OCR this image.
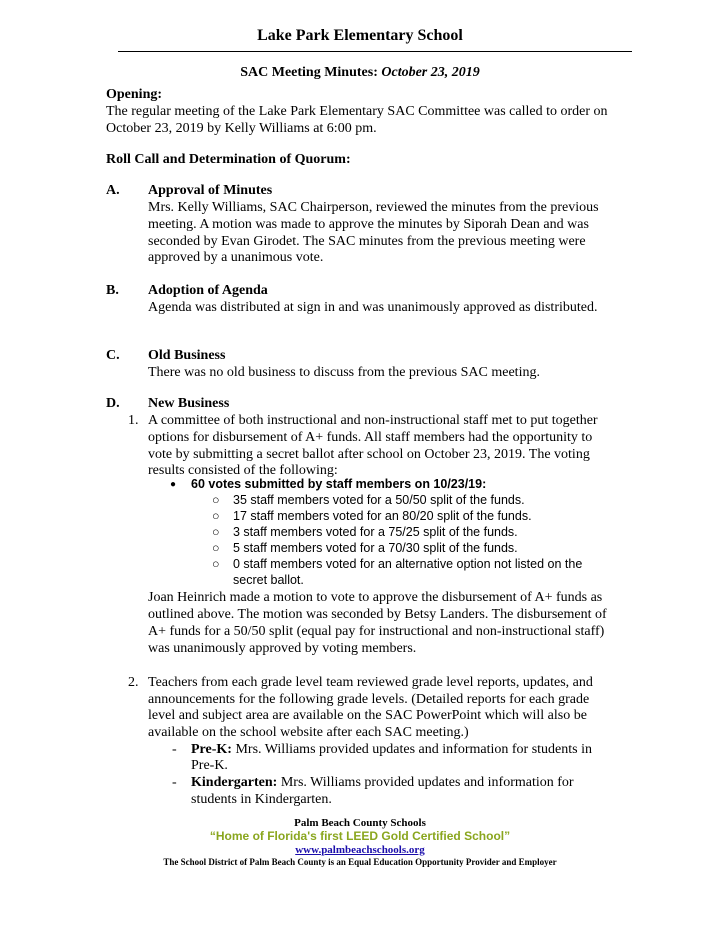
Lake Park Elementary School
SAC Meeting Minutes: October 23, 2019
Opening:
The regular meeting of the Lake Park Elementary SAC Committee was called to order on
October 23, 2019 by Kelly Williams at 6:00 pm.
Roll Call and Determination of Quorum:
A. Approval of Minutes
Mrs. Kelly Williams, SAC Chairperson, reviewed the minutes from the previous
meeting. A motion was made to approve the minutes by Siporah Dean and was
seconded by Evan Girodet. The SAC minutes from the previous meeting were
approved by a unanimous vote.
B. Adoption of Agenda
Agenda was distributed at sign in and was unanimously approved as distributed.
C. Old Business
There was no old business to discuss from the previous SAC meeting.
D. New Business
1. A committee of both instructional and non-instructional staff met to put together
options for disbursement of A+ funds. All staff members had the opportunity to
vote by submitting a secret ballot after school on October 23, 2019. The voting
results consisted of the following:
● 60 votes submitted by staff members on 10/23/19:
○ 35 staff members voted for a 50/50 split of the funds.
○ 17 staff members voted for an 80/20 split of the funds.
○ 3 staff members voted for a 75/25 split of the funds.
○ 5 staff members voted for a 70/30 split of the funds.
○ 0 staff members voted for an alternative option not listed on the
secret ballot.
Joan Heinrich made a motion to vote to approve the disbursement of A+ funds as
outlined above. The motion was seconded by Betsy Landers. The disbursement of
A+ funds for a 50/50 split (equal pay for instructional and non-instructional staff)
was unanimously approved by voting members.
2. Teachers from each grade level team reviewed grade level reports, updates, and
announcements for the following grade levels. (Detailed reports for each grade
level and subject area are available on the SAC PowerPoint which will also be
available on the school website after each SAC meeting.)
- Pre-K: Mrs. Williams provided updates and information for students in
Pre-K.
- Kindergarten: Mrs. Williams provided updates and information for
students in Kindergarten.
Palm Beach County Schools
“Home of Florida's first LEED Gold Certified School”
www.palmbeachschools.org
The School District of Palm Beach County is an Equal Education Opportunity Provider and Employer
